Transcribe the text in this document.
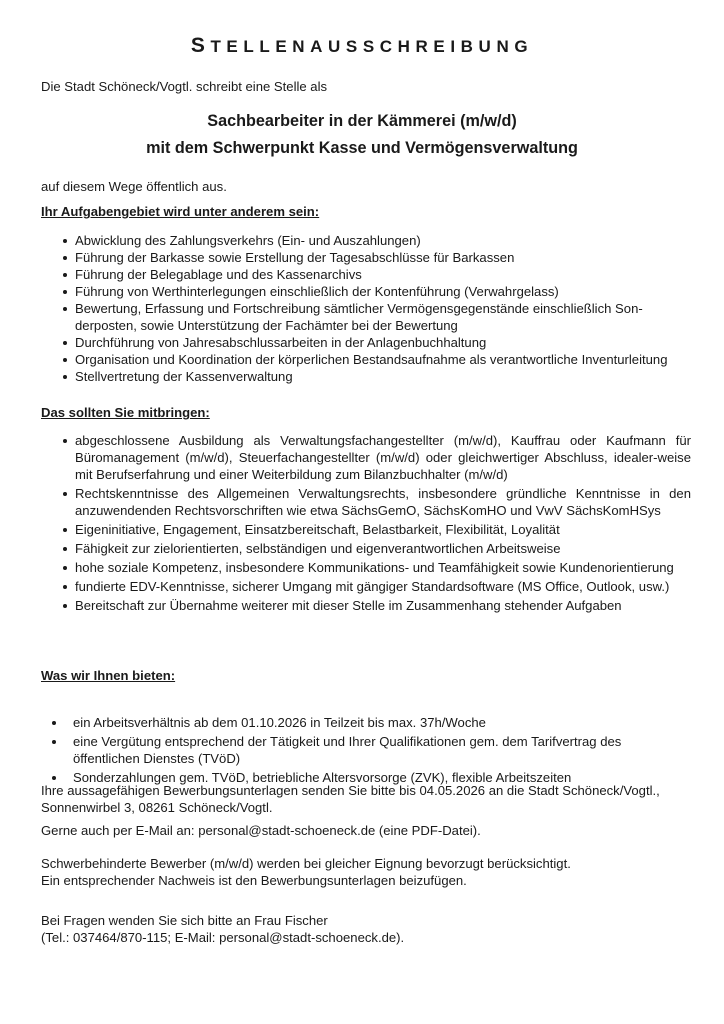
STELLENAUSSCHREIBUNG

Die Stadt Schöneck/Vogtl. schreibt eine Stelle als

Sachbearbeiter in der Kämmerei (m/w/d)
mit dem Schwerpunkt Kasse und Vermögensverwaltung

auf diesem Wege öffentlich aus.

Ihr Aufgabengebiet wird unter anderem sein:

Abwicklung des Zahlungsverkehrs (Ein- und Auszahlungen)
Führung der Barkasse sowie Erstellung der Tagesabschlüsse für Barkassen
Führung der Belegablage und des Kassenarchivs
Führung von Werthinterlegungen einschließlich der Kontenführung (Verwahrgelass)
Bewertung, Erfassung und Fortschreibung sämtlicher Vermögensgegenstände einschließlich Son-derposten, sowie Unterstützung der Fachämter bei der Bewertung
Durchführung von Jahresabschlussarbeiten in der Anlagenbuchhaltung
Organisation und Koordination der körperlichen Bestandsaufnahme als verantwortliche Inventurleitung
Stellvertretung der Kassenverwaltung

Das sollten Sie mitbringen:

abgeschlossene Ausbildung als Verwaltungsfachangestellter (m/w/d), Kauffrau oder Kaufmann für Büromanagement (m/w/d), Steuerfachangestellter (m/w/d) oder gleichwertiger Abschluss, idealer-weise mit Berufserfahrung und einer Weiterbildung zum Bilanzbuchhalter (m/w/d)
Rechtskenntnisse des Allgemeinen Verwaltungsrechts, insbesondere gründliche Kenntnisse in den anzuwendenden Rechtsvorschriften wie etwa SächsGemO, SächsKomHO und VwV SächsKomHSys
Eigeninitiative, Engagement, Einsatzbereitschaft, Belastbarkeit, Flexibilität, Loyalität
Fähigkeit zur zielorientierten, selbständigen und eigenverantwortlichen Arbeitsweise
hohe soziale Kompetenz, insbesondere Kommunikations- und Teamfähigkeit sowie Kundenorientierung
fundierte EDV-Kenntnisse, sicherer Umgang mit gängiger Standardsoftware (MS Office, Outlook, usw.)
Bereitschaft zur Übernahme weiterer mit dieser Stelle im Zusammenhang stehender Aufgaben

Was wir Ihnen bieten:

ein Arbeitsverhältnis ab dem 01.10.2026 in Teilzeit bis max. 37h/Woche
eine Vergütung entsprechend der Tätigkeit und Ihrer Qualifikationen gem. dem Tarifvertrag des öffentlichen Dienstes (TVöD)
Sonderzahlungen gem. TVöD, betriebliche Altersvorsorge (ZVK), flexible Arbeitszeiten

Ihre aussagefähigen Bewerbungsunterlagen senden Sie bitte bis 04.05.2026 an die Stadt Schöneck/Vogtl., Sonnenwirbel 3, 08261 Schöneck/Vogtl.

Gerne auch per E-Mail an: personal@stadt-schoeneck.de (eine PDF-Datei).

Schwerbehinderte Bewerber (m/w/d) werden bei gleicher Eignung bevorzugt berücksichtigt.

Ein entsprechender Nachweis ist den Bewerbungsunterlagen beizufügen.

Bei Fragen wenden Sie sich bitte an Frau Fischer

(Tel.: 037464/870-115; E-Mail: personal@stadt-schoeneck.de).
